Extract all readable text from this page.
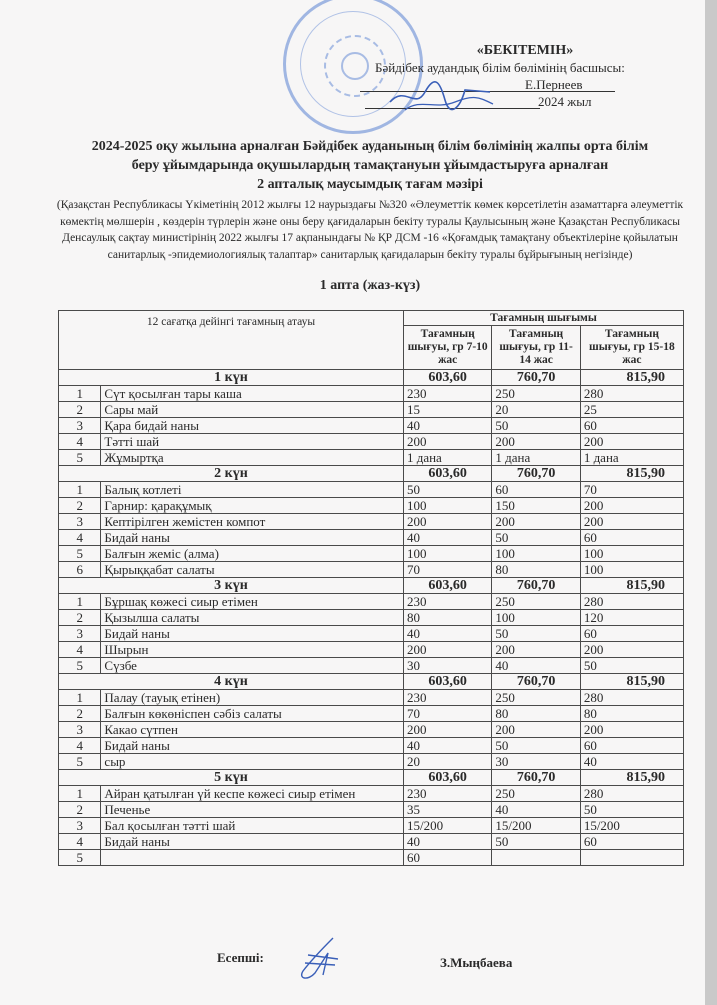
«БЕКІТЕМІН»
Бәйдібек аудандық білім бөлімінің басшысы:
Е.Пернеев
2024 жыл
2024-2025 оқу жылына арналған Бәйдібек ауданының білім бөлімінің жалпы орта білім
беру ұйымдарында оқушылардың тамақтануын ұйымдастыруға арналған
2 апталық маусымдық тағам мәзірі
(Қазақстан Республикасы Үкіметінің 2012 жылғы 12 наурыздағы №320 «Әлеуметтік көмек көрсетілетін азаматтарға әлеуметтік көмектің мөлшерін , көздерін түрлерін және оны беру қағидаларын бекіту туралы Қаулысының және Қазақстан Республикасы Денсаулық сақтау министірінің 2022 жылғы 17 ақпанындағы № ҚР ДСМ -16 «Қоғамдық тамақтану объектілеріне қойылатын санитарлық -эпидемиологиялық талаптар» санитарлық қағидаларын бекіту туралы бұйрығының негізінде)
1 апта (жаз-күз)
12 сағатқа дейінгі тағамның атауы		Тағамның шығымы		
		Тағамның шығуы, гр 7-10 жас	Тағамның шығуы, гр 11-14 жас	Тағамның шығуы, гр 15-18 жас
1 күн		603,60	760,70	815,90
1	Сүт қосылған тары каша	230	250	280
2	Сары май	15	20	25
3	Қара бидай наны	40	50	60
4	Тәтті шай	200	200	200
5	Жұмыртқа	1 дана	1 дана	1 дана
2 күн		603,60	760,70	815,90
1	Балық котлеті	50	60	70
2	Гарнир: қарақұмық	100	150	200
3	Кептірілген жемістен компот	200	200	200
4	Бидай наны	40	50	60
5	Балғын жеміс (алма)	100	100	100
6	Қырыққабат салаты	70	80	100
3 күн		603,60	760,70	815,90
1	Бұршақ көжесі сиыр етімен	230	250	280
2	Қызылша салаты	80	100	120
3	Бидай наны	40	50	60
4	Шырын	200	200	200
5	Сүзбе	30	40	50
4 күн		603,60	760,70	815,90
1	Палау (тауық етінен)	230	250	280
2	Балғын көкөніспен сәбіз салаты	70	80	80
3	Какао сүтпен	200	200	200
4	Бидай наны	40	50	60
5	сыр	20	30	40
5 күн		603,60	760,70	815,90
1	Айран қатылған үй кеспе көжесі сиыр етімен	230	250	280
2	Печенье	35	40	50
3	Бал қосылған тәтті шай	15/200	15/200	15/200
4	Бидай наны	40	50	60
5		60		
Есепші:	З.Мыңбаева
